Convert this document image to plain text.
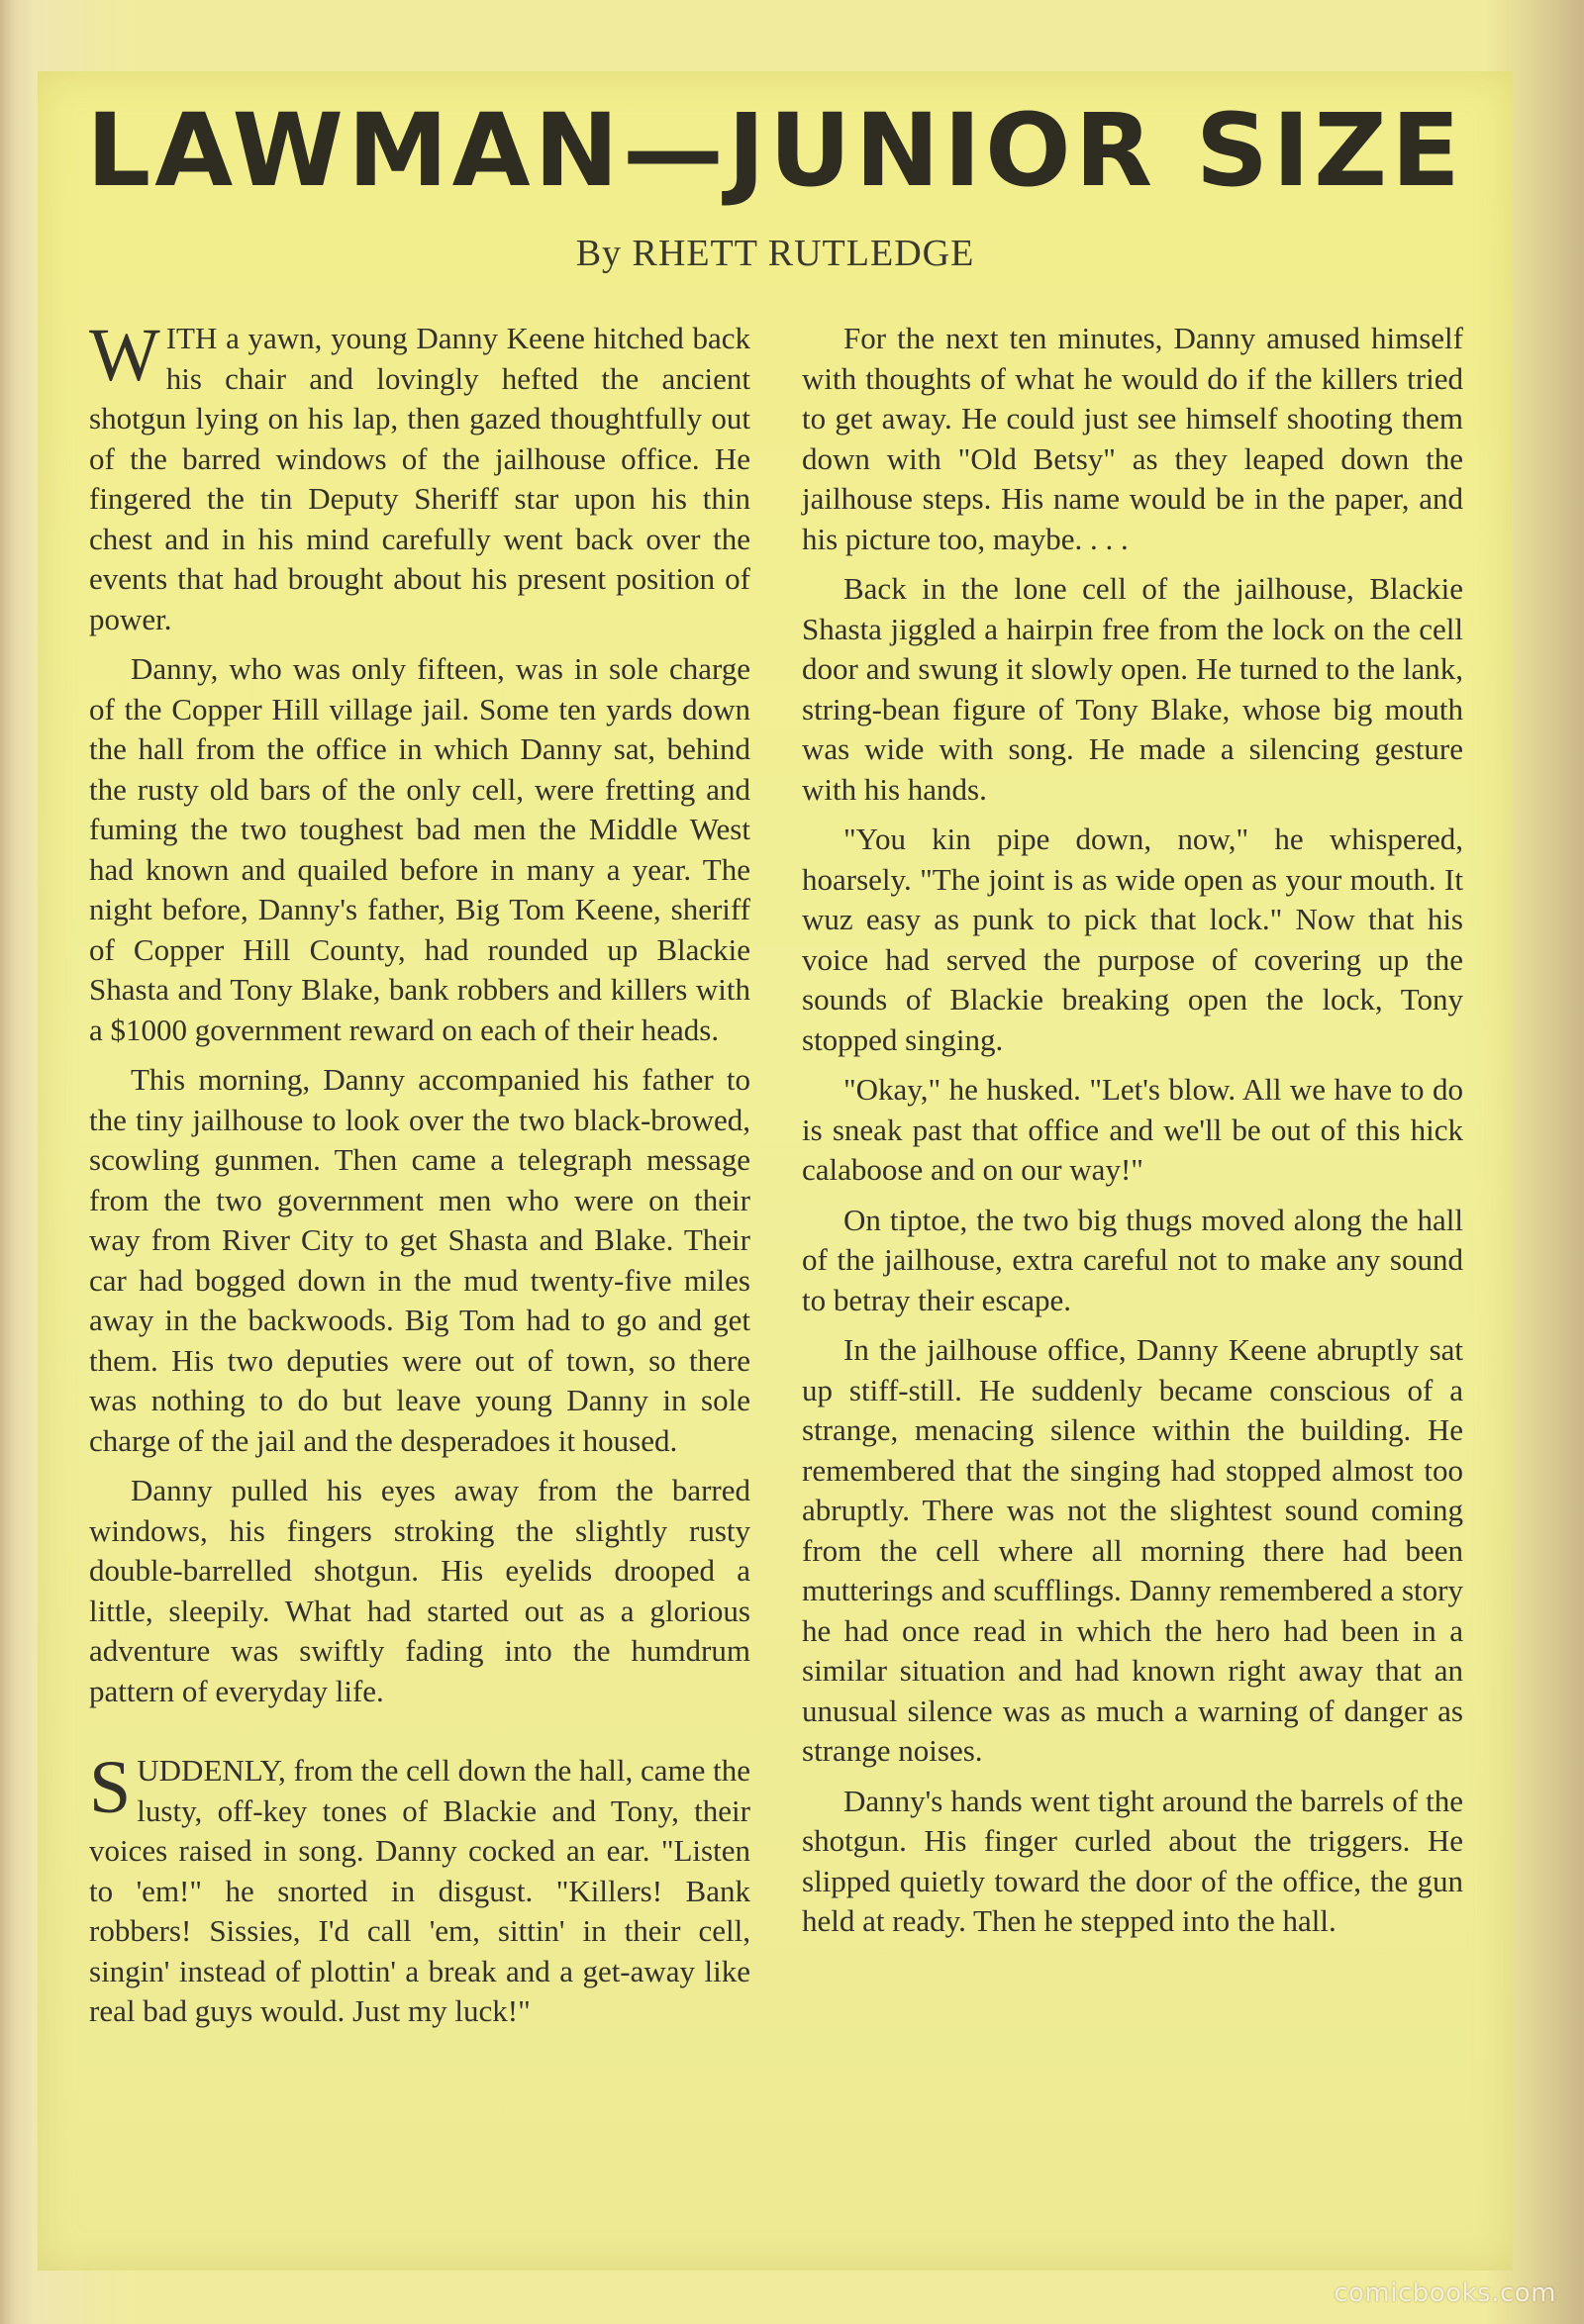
LAWMAN—JUNIOR SIZE
By RHETT RUTLEDGE

WITH a yawn, young Danny Keene hitched back his chair and lovingly hefted the ancient shotgun lying on his lap, then gazed thoughtfully out of the barred windows of the jailhouse office. He fingered the tin Deputy Sheriff star upon his thin chest and in his mind carefully went back over the events that had brought about his present position of power.

Danny, who was only fifteen, was in sole charge of the Copper Hill village jail. Some ten yards down the hall from the office in which Danny sat, behind the rusty old bars of the only cell, were fretting and fuming the two toughest bad men the Middle West had known and quailed before in many a year. The night before, Danny's father, Big Tom Keene, sheriff of Copper Hill County, had rounded up Blackie Shasta and Tony Blake, bank robbers and killers with a $1000 government reward on each of their heads.

This morning, Danny accompanied his father to the tiny jailhouse to look over the two black-browed, scowling gunmen. Then came a telegraph message from the two government men who were on their way from River City to get Shasta and Blake. Their car had bogged down in the mud twenty-five miles away in the backwoods. Big Tom had to go and get them. His two deputies were out of town, so there was nothing to do but leave young Danny in sole charge of the jail and the desperadoes it housed.

Danny pulled his eyes away from the barred windows, his fingers stroking the slightly rusty double-barrelled shotgun. His eyelids drooped a little, sleepily. What had started out as a glorious adventure was swiftly fading into the humdrum pattern of everyday life.

SUDDENLY, from the cell down the hall, came the lusty, off-key tones of Blackie and Tony, their voices raised in song. Danny cocked an ear. "Listen to 'em!" he snorted in disgust. "Killers! Bank robbers! Sissies, I'd call 'em, sittin' in their cell, singin' instead of plottin' a break and a get-away like real bad guys would. Just my luck!"

For the next ten minutes, Danny amused himself with thoughts of what he would do if the killers tried to get away. He could just see himself shooting them down with "Old Betsy" as they leaped down the jailhouse steps. His name would be in the paper, and his picture too, maybe. . . .

Back in the lone cell of the jailhouse, Blackie Shasta jiggled a hairpin free from the lock on the cell door and swung it slowly open. He turned to the lank, string-bean figure of Tony Blake, whose big mouth was wide with song. He made a silencing gesture with his hands.

"You kin pipe down, now," he whispered, hoarsely. "The joint is as wide open as your mouth. It wuz easy as punk to pick that lock." Now that his voice had served the purpose of covering up the sounds of Blackie breaking open the lock, Tony stopped singing.

"Okay," he husked. "Let's blow. All we have to do is sneak past that office and we'll be out of this hick calaboose and on our way!"

On tiptoe, the two big thugs moved along the hall of the jailhouse, extra careful not to make any sound to betray their escape.

In the jailhouse office, Danny Keene abruptly sat up stiff-still. He suddenly became conscious of a strange, menacing silence within the building. He remembered that the singing had stopped almost too abruptly. There was not the slightest sound coming from the cell where all morning there had been mutterings and scufflings. Danny remembered a story he had once read in which the hero had been in a similar situation and had known right away that an unusual silence was as much a warning of danger as strange noises.

Danny's hands went tight around the barrels of the shotgun. His finger curled about the triggers. He slipped quietly toward the door of the office, the gun held at ready. Then he stepped into the hall.

comicbooks.com
